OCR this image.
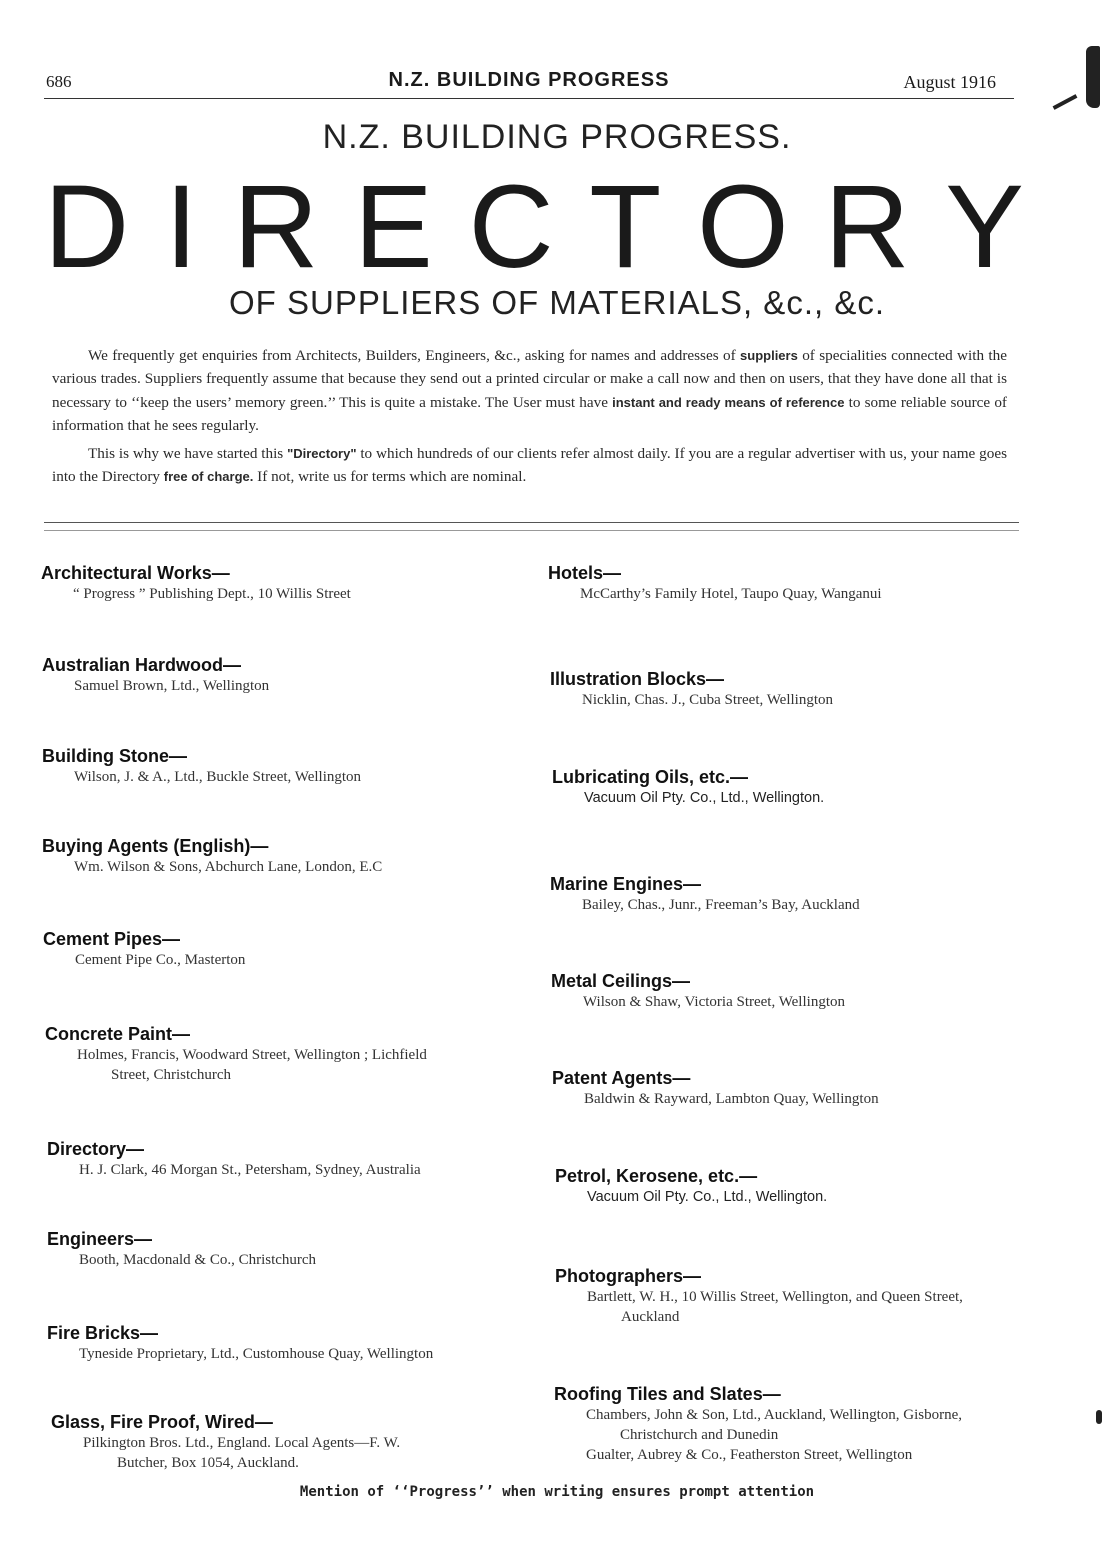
686	N.Z. BUILDING PROGRESS	August 1916
N.Z. BUILDING PROGRESS.
D I R E C T O R Y
OF SUPPLIERS OF MATERIALS, &c., &c.

We frequently get enquiries from Architects, Builders, Engineers, &c., asking for names and addresses of suppliers of specialities connected with the various trades. Suppliers frequently assume that because they send out a printed circular or make a call now and then on users, that they have done all that is necessary to ‘‘keep the users’ memory green.’’ This is quite a mistake. The User must have instant and ready means of reference to some reliable source of information that he sees regularly.

This is why we have started this "Directory" to which hundreds of our clients refer almost daily. If you are a regular advertiser with us, your name goes into the Directory free of charge. If not, write us for terms which are nominal.

Architectural Works—
“ Progress ” Publishing Dept., 10 Willis Street
Australian Hardwood—
Samuel Brown, Ltd., Wellington
Building Stone—
Wilson, J. & A., Ltd., Buckle Street, Wellington
Buying Agents (English)—
Wm. Wilson & Sons, Abchurch Lane, London, E.C
Cement Pipes—
Cement Pipe Co., Masterton
Concrete Paint—
Holmes, Francis, Woodward Street, Wellington ; Lichfield
Street, Christchurch
Directory—
H. J. Clark, 46 Morgan St., Petersham, Sydney, Australia
Engineers—
Booth, Macdonald & Co., Christchurch
Fire Bricks—
Tyneside Proprietary, Ltd., Customhouse Quay, Wellington
Glass, Fire Proof, Wired—
Pilkington Bros. Ltd., England. Local Agents—F. W.
Butcher, Box 1054, Auckland.
Hotels—
McCarthy’s Family Hotel, Taupo Quay, Wanganui
Illustration Blocks—
Nicklin, Chas. J., Cuba Street, Wellington
Lubricating Oils, etc.—
Vacuum Oil Pty. Co., Ltd., Wellington.
Marine Engines—
Bailey, Chas., Junr., Freeman’s Bay, Auckland
Metal Ceilings—
Wilson & Shaw, Victoria Street, Wellington
Patent Agents—
Baldwin & Rayward, Lambton Quay, Wellington
Petrol, Kerosene, etc.—
Vacuum Oil Pty. Co., Ltd., Wellington.
Photographers—
Bartlett, W. H., 10 Willis Street, Wellington, and Queen Street,
Auckland
Roofing Tiles and Slates—
Chambers, John & Son, Ltd., Auckland, Wellington, Gisborne,
Christchurch and Dunedin
Gualter, Aubrey & Co., Featherston Street, Wellington
Mention of ‘‘Progress’’ when writing ensures prompt attention
